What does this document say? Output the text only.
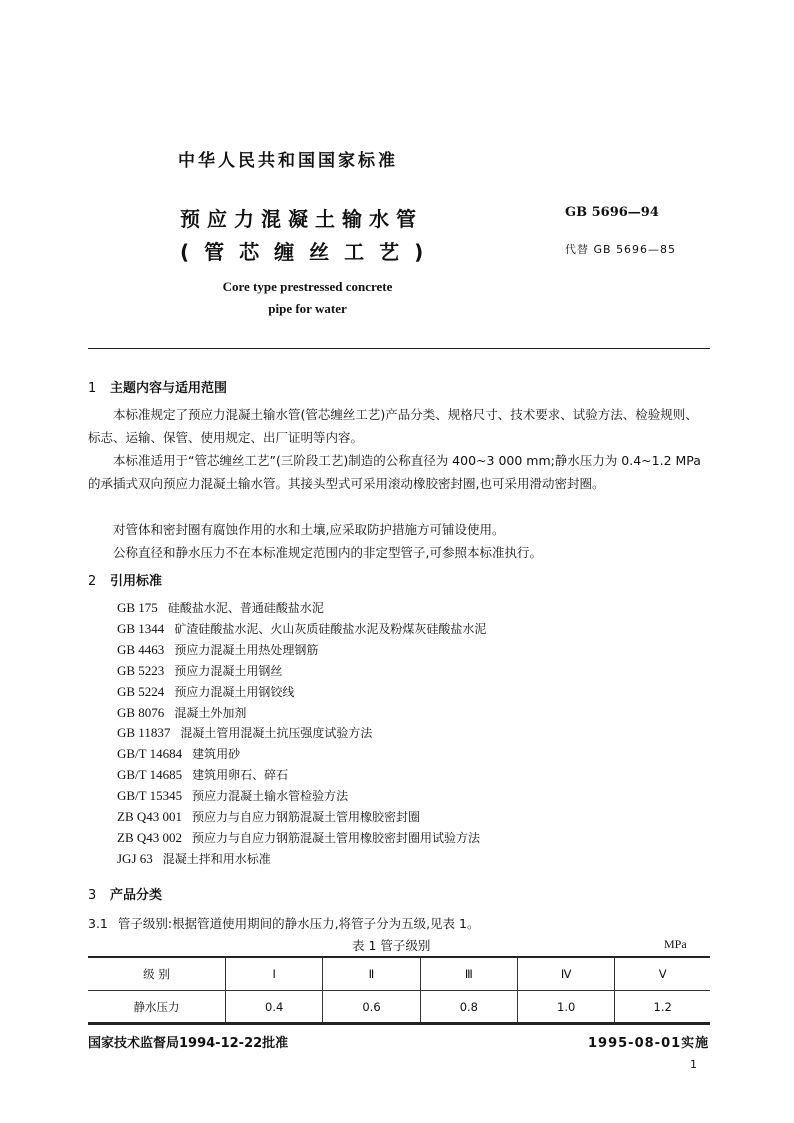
中华人民共和国国家标准
预应力混凝土输水管
(管芯缠丝工艺)
GB 5696—94
代替 GB 5696—85
Core type prestressed concrete
pipe for water
1 主题内容与适用范围
本标准规定了预应力混凝土输水管(管芯缠丝工艺)产品分类、规格尺寸、技术要求、试验方法、检验规则、标志、运输、保管、使用规定、出厂证明等内容。
本标准适用于“管芯缠丝工艺”(三阶段工艺)制造的公称直径为 400~3 000 mm;静水压力为 0.4~1.2 MPa的承插式双向预应力混凝土输水管。其接头型式可采用滚动橡胶密封圈,也可采用滑动密封圈。
对管体和密封圈有腐蚀作用的水和土壤,应采取防护措施方可铺设使用。
公称直径和静水压力不在本标准规定范围内的非定型管子,可参照本标准执行。
2 引用标准
GB 175 硅酸盐水泥、普通硅酸盐水泥
GB 1344 矿渣硅酸盐水泥、火山灰质硅酸盐水泥及粉煤灰硅酸盐水泥
GB 4463 预应力混凝土用热处理钢筋
GB 5223 预应力混凝土用钢丝
GB 5224 预应力混凝土用钢铰线
GB 8076 混凝土外加剂
GB 11837 混凝土管用混凝土抗压强度试验方法
GB/T 14684 建筑用砂
GB/T 14685 建筑用卵石、碎石
GB/T 15345 预应力混凝土输水管检验方法
ZB Q43 001 预应力与自应力钢筋混凝土管用橡胶密封圈
ZB Q43 002 预应力与自应力钢筋混凝土管用橡胶密封圈用试验方法
JGJ 63 混凝土拌和用水标准
3 产品分类
3.1 管子级别:根据管道使用期间的静水压力,将管子分为五级,见表 1。
表 1 管子级别	MPa
级 别	I	Ⅱ	Ⅲ	Ⅳ	Ⅴ
静水压力	0.4	0.6	0.8	1.0	1.2
国家技术监督局1994-12-22批准	1995-08-01实施
1
